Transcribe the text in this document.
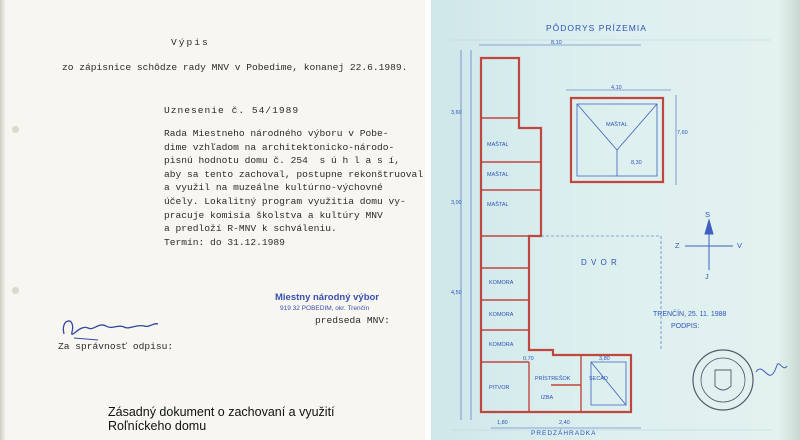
Výpis
zo zápisnice schôdze rady MNV v Pobedime, konanej 22.6.1989.
Uznesenie č. 54/1989
Rada Miestneho národného výboru v Pobe-
dime vzhľadom na architektonicko-národo-
pisnú hodnotu domu č. 254  s ú h l a s í,
aby sa tento zachoval, postupne rekonštruoval
a využil na muzeálne kultúrno-výchovné
účely. Lokalitný program využitia domu vy-
pracuje komisia školstva a kultúry MNV
a predloží R-MNV k schváleniu.
Termín: do 31.12.1989
Miestny národný výbor
919 32 POBEDIM, okr. Trenčín
predseda MNV:
Za správnosť odpisu:
Zásadný dokument o zachovaní a využití
Roľníckeho domu
PÔDORYS PRÍZEMIA
D V O R
TRENČÍN, 25. 11. 1988
PODPIS:
PREDZÁHRADKA
S
J
Z	V
MAŠTAL
MAŠTAL
MAŠTAL
MAŠTAL
KOMORA
KOMORA
KOMORA
PITVOR
IZBA
PRÍSTREŠOK	SECAD
8,30
8,10
4,10
3,60
3,00
4,50
7,60
0,70	3,80
2,40
1,80
